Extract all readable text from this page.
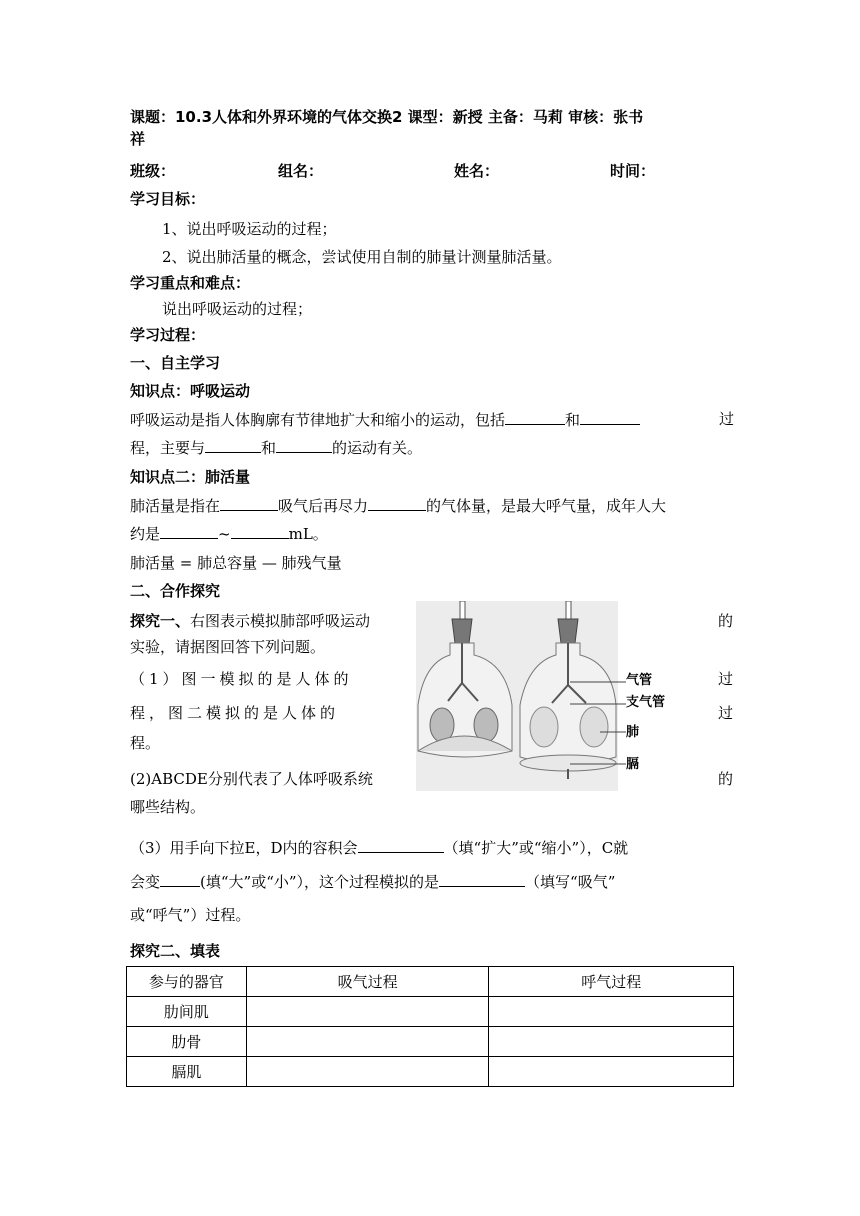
课题：10.3人体和外界环境的气体交换2 课型：新授 主备：马莉 审核：张书
祥
班级：	组名：	姓名：	时间：
学习目标：
1、说出呼吸运动的过程；
2、说出肺活量的概念，尝试使用自制的肺量计测量肺活量。
学习重点和难点：
说出呼吸运动的过程；
学习过程：
一、自主学习
知识点：呼吸运动
呼吸运动是指人体胸廓有节律地扩大和缩小的运动，包括	和	过
程，主要与	和	的运动有关。
知识点二：肺活量
肺活量是指在	吸气后再尽力	的气体量，是最大呼气量，成年人大
约是	~	mL。
肺活量 = 肺总容量 — 肺残气量
二、合作探究
探究一、右图表示模拟肺部呼吸运动	的
实验，请据图回答下列问题。
（1）图一模拟的是人体的	过
程，图二模拟的是人体的	过
程。
(2)ABCDE分别代表了人体呼吸系统	的
哪些结构。
（3）用手向下拉E，D内的容积会	（填“扩大”或“缩小”），C就
会变	(填“大”或“小”），这个过程模拟的是	（填写“吸气”
或“呼气”）过程。
探究二、填表
气管
支气管
肺
膈
参与的器官	吸气过程	呼气过程
肋间肌		
肋骨		
膈肌		
